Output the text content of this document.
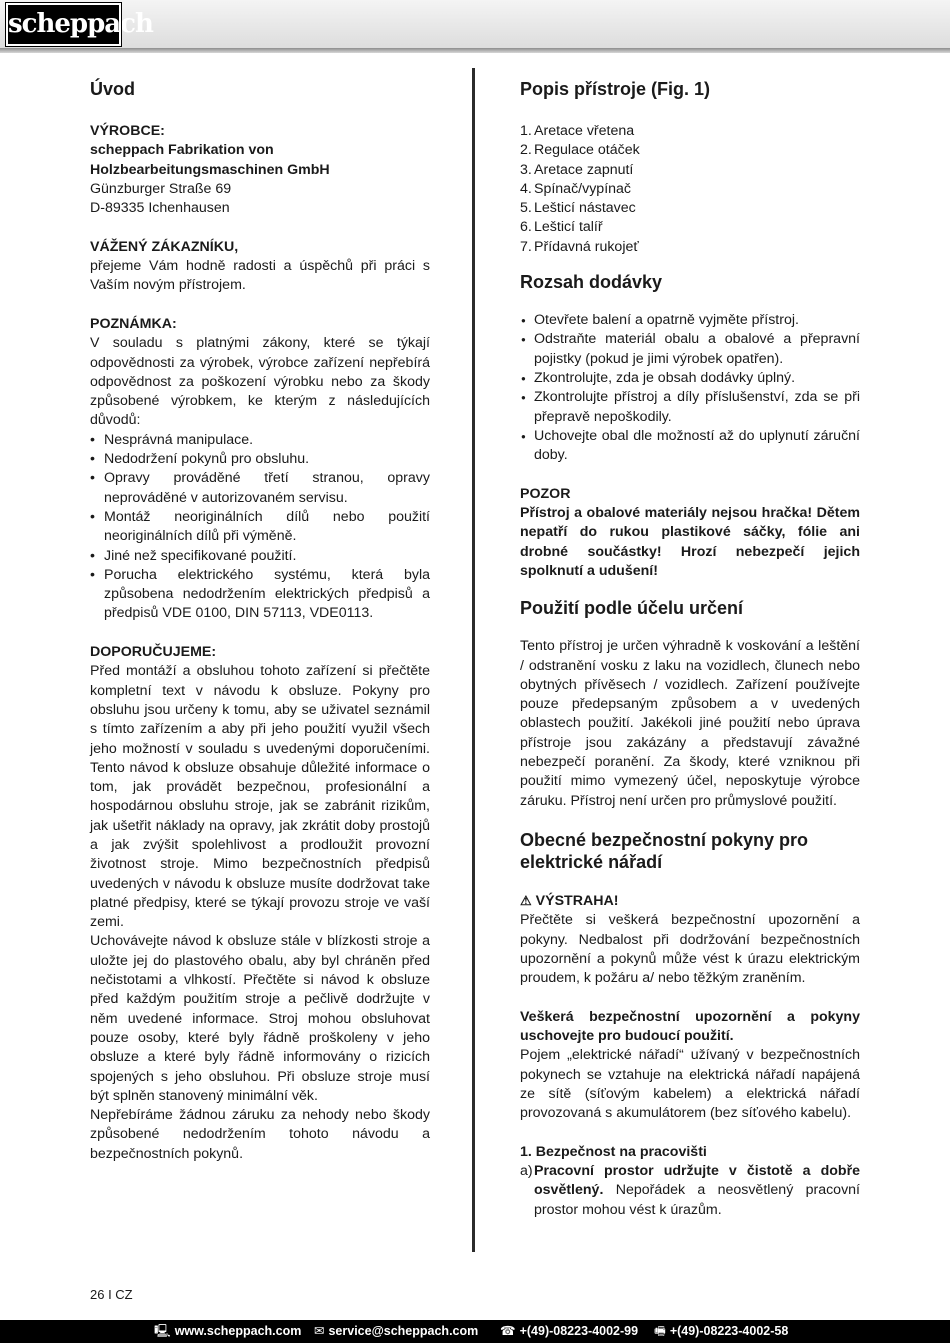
scheppach
Úvod

VÝROBCE:

scheppach Fabrikation von

Holzbearbeitungsmaschinen GmbH

Günzburger Straße 69

D-89335 Ichenhausen

VÁŽENÝ ZÁKAZNÍKU,

přejeme Vám hodně radosti a úspěchů při práci s Vaším novým přístrojem.

POZNÁMKA:

V souladu s platnými zákony, které se týkají odpovědnosti za výrobek, výrobce zařízení nepřebírá odpovědnost za poškození výrobku nebo za škody způsobené výrobkem, ke kterým z následujících důvodů:

• Nesprávná manipulace.
• Nedodržení pokynů pro obsluhu.
• Opravy prováděné třetí stranou, opravy neprováděné v autorizovaném servisu.
• Montáž neoriginálních dílů nebo použití neoriginálních dílů při výměně.
• Jiné než specifikované použití.
• Porucha elektrického systému, která byla způsobena nedodržením elektrických předpisů a předpisů VDE 0100, DIN 57113, VDE0113.

DOPORUČUJEME:

Před montáží a obsluhou tohoto zařízení si přečtěte kompletní text v návodu k obsluze. Pokyny pro obsluhu jsou určeny k tomu, aby se uživatel seznámil s tímto zařízením a aby při jeho použití využil všech jeho možností v souladu s uvedenými doporučeními. Tento návod k obsluze obsahuje důležité informace o tom, jak provádět bezpečnou, profesionální a hospodárnou obsluhu stroje, jak se zabránit rizikům, jak ušetřit náklady na opravy, jak zkrátit doby prostojů a jak zvýšit spolehlivost a prodloužit provozní životnost stroje. Mimo bezpečnostních předpisů uvedených v návodu k obsluze musíte dodržovat take platné předpisy, které se týkají provozu stroje ve vaší zemi.

Uchovávejte návod k obsluze stále v blízkosti stroje a uložte jej do plastového obalu, aby byl chráněn před nečistotami a vlhkostí. Přečtěte si návod k obsluze před každým použitím stroje a pečlivě dodržujte v něm uvedené informace. Stroj mohou obsluhovat pouze osoby, které byly řádně proškoleny v jeho obsluze a které byly řádně informovány o rizicích spojených s jeho obsluhou. Při obsluze stroje musí být splněn stanovený minimální věk.

Nepřebíráme žádnou záruku za nehody nebo škody způsobené nedodržením tohoto návodu a bezpečnostních pokynů.

Popis přístroje (Fig. 1)
1. Aretace vřetena
2. Regulace otáček
3. Aretace zapnutí
4. Spínač/vypínač
5. Lešticí nástavec
6. Lešticí talíř
7. Přídavná rukojeť
Rozsah dodávky
● Otevřete balení a opatrně vyjměte přístroj.
● Odstraňte materiál obalu a obalové a přepravní pojistky (pokud je jimi výrobek opatřen).
● Zkontrolujte, zda je obsah dodávky úplný.
● Zkontrolujte přístroj a díly příslušenství, zda se při přepravě nepoškodily.
● Uchovejte obal dle možností až do uplynutí záruční doby.

POZOR

Přístroj a obalové materiály nejsou hračka! Dětem nepatří do rukou plastikové sáčky, fólie ani drobné součástky! Hrozí nebezpečí jejich spolknutí a udušení!

Použití podle účelu určení

Tento přístroj je určen výhradně k voskování a leštění / odstranění vosku z laku na vozidlech, člunech nebo obytných přívěsech / vozidlech. Zařízení používejte pouze předepsaným způsobem a v uvedených oblastech použití. Jakékoli jiné použití nebo úprava přístroje jsou zakázány a představují závažné nebezpečí poranění. Za škody, které vzniknou při použití mimo vymezený účel, neposkytuje výrobce záruku. Přístroj není určen pro průmyslové použití.

Obecné bezpečnostní pokyny pro elektrické nářadí

⚠ VÝSTRAHA!

Přečtěte si veškerá bezpečnostní upozornění a pokyny. Nedbalost při dodržování bezpečnostních upozornění a pokynů může vést k úrazu elektrickým proudem, k požáru a/ nebo těžkým zraněním.

Veškerá bezpečnostní upozornění a pokyny uschovejte pro budoucí použití.

Pojem „elektrické nářadí“ užívaný v bezpečnostních pokynech se vztahuje na elektrická nářadí napájená ze sítě (síťovým kabelem) a elektrická nářadí provozovaná s akumulátorem (bez síťového kabelu).

1. Bezpečnost na pracovišti

a) Pracovní prostor udržujte v čistotě a dobře osvětlený. Nepořádek a neosvětlený pracovní prostor mohou vést k úrazům.
26 I CZ
🖳 www.scheppach.com ✉ service@scheppach.com ☎ +(49)-08223-4002-99 🖷 +(49)-08223-4002-58
